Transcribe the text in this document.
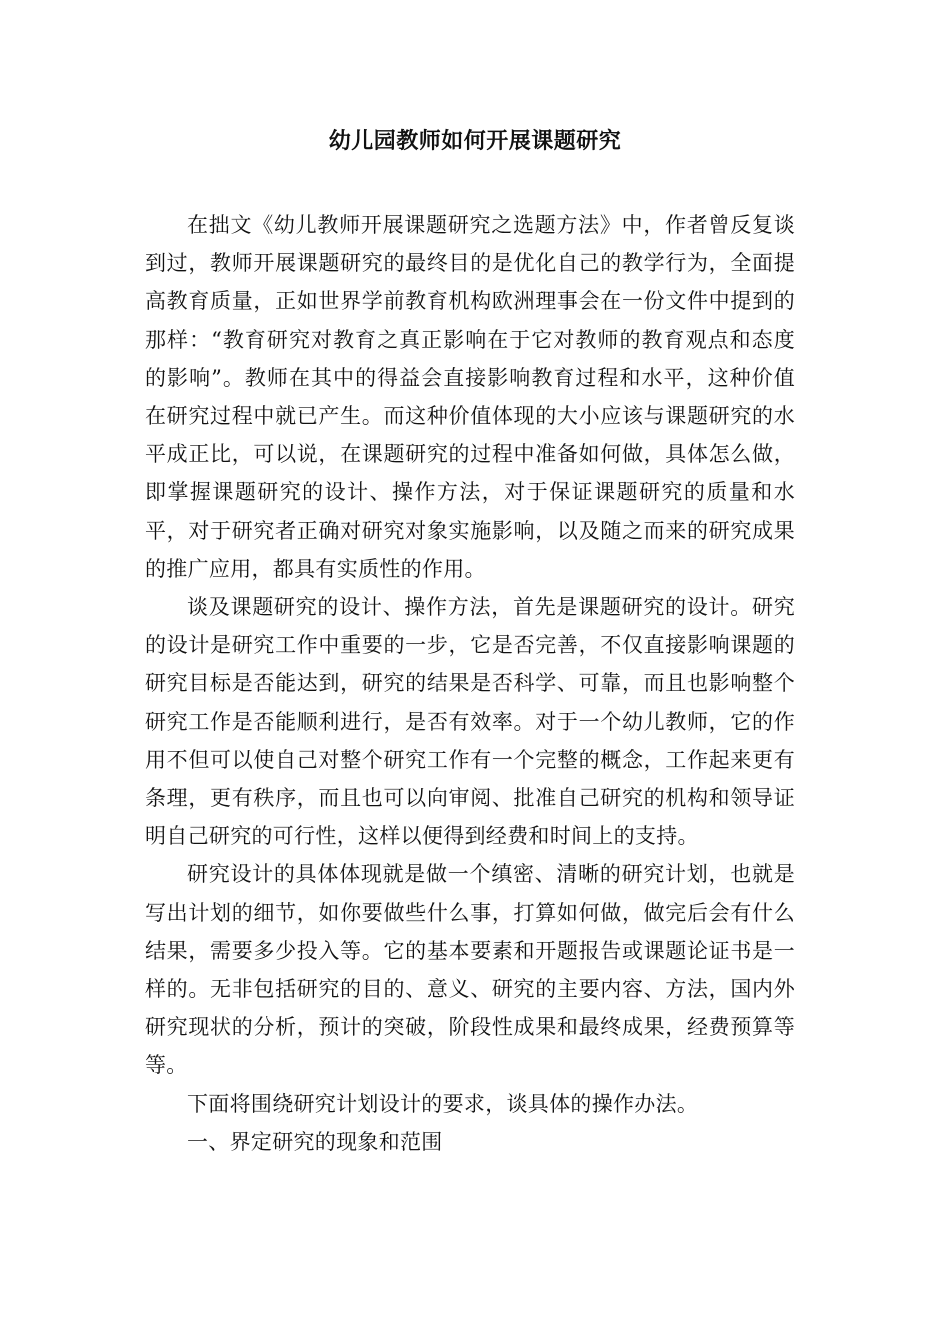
幼儿园教师如何开展课题研究

在拙文《幼儿教师开展课题研究之选题方法》中，作者曾反复谈到过，教师开展课题研究的最终目的是优化自己的教学行为，全面提高教育质量，正如世界学前教育机构欧洲理事会在一份文件中提到的那样：“教育研究对教育之真正影响在于它对教师的教育观点和态度的影响”。教师在其中的得益会直接影响教育过程和水平，这种价值在研究过程中就已产生。而这种价值体现的大小应该与课题研究的水平成正比，可以说，在课题研究的过程中准备如何做，具体怎么做，即掌握课题研究的设计、操作方法，对于保证课题研究的质量和水平，对于研究者正确对研究对象实施影响，以及随之而来的研究成果的推广应用，都具有实质性的作用。

谈及课题研究的设计、操作方法，首先是课题研究的设计。研究的设计是研究工作中重要的一步，它是否完善，不仅直接影响课题的研究目标是否能达到，研究的结果是否科学、可靠，而且也影响整个研究工作是否能顺利进行，是否有效率。对于一个幼儿教师，它的作用不但可以使自己对整个研究工作有一个完整的概念，工作起来更有条理，更有秩序，而且也可以向审阅、批准自己研究的机构和领导证明自己研究的可行性，这样以便得到经费和时间上的支持。

研究设计的具体体现就是做一个缜密、清晰的研究计划，也就是写出计划的细节，如你要做些什么事，打算如何做，做完后会有什么结果，需要多少投入等。它的基本要素和开题报告或课题论证书是一样的。无非包括研究的目的、意义、研究的主要内容、方法，国内外研究现状的分析，预计的突破，阶段性成果和最终成果，经费预算等等。

下面将围绕研究计划设计的要求，谈具体的操作办法。

一、界定研究的现象和范围
